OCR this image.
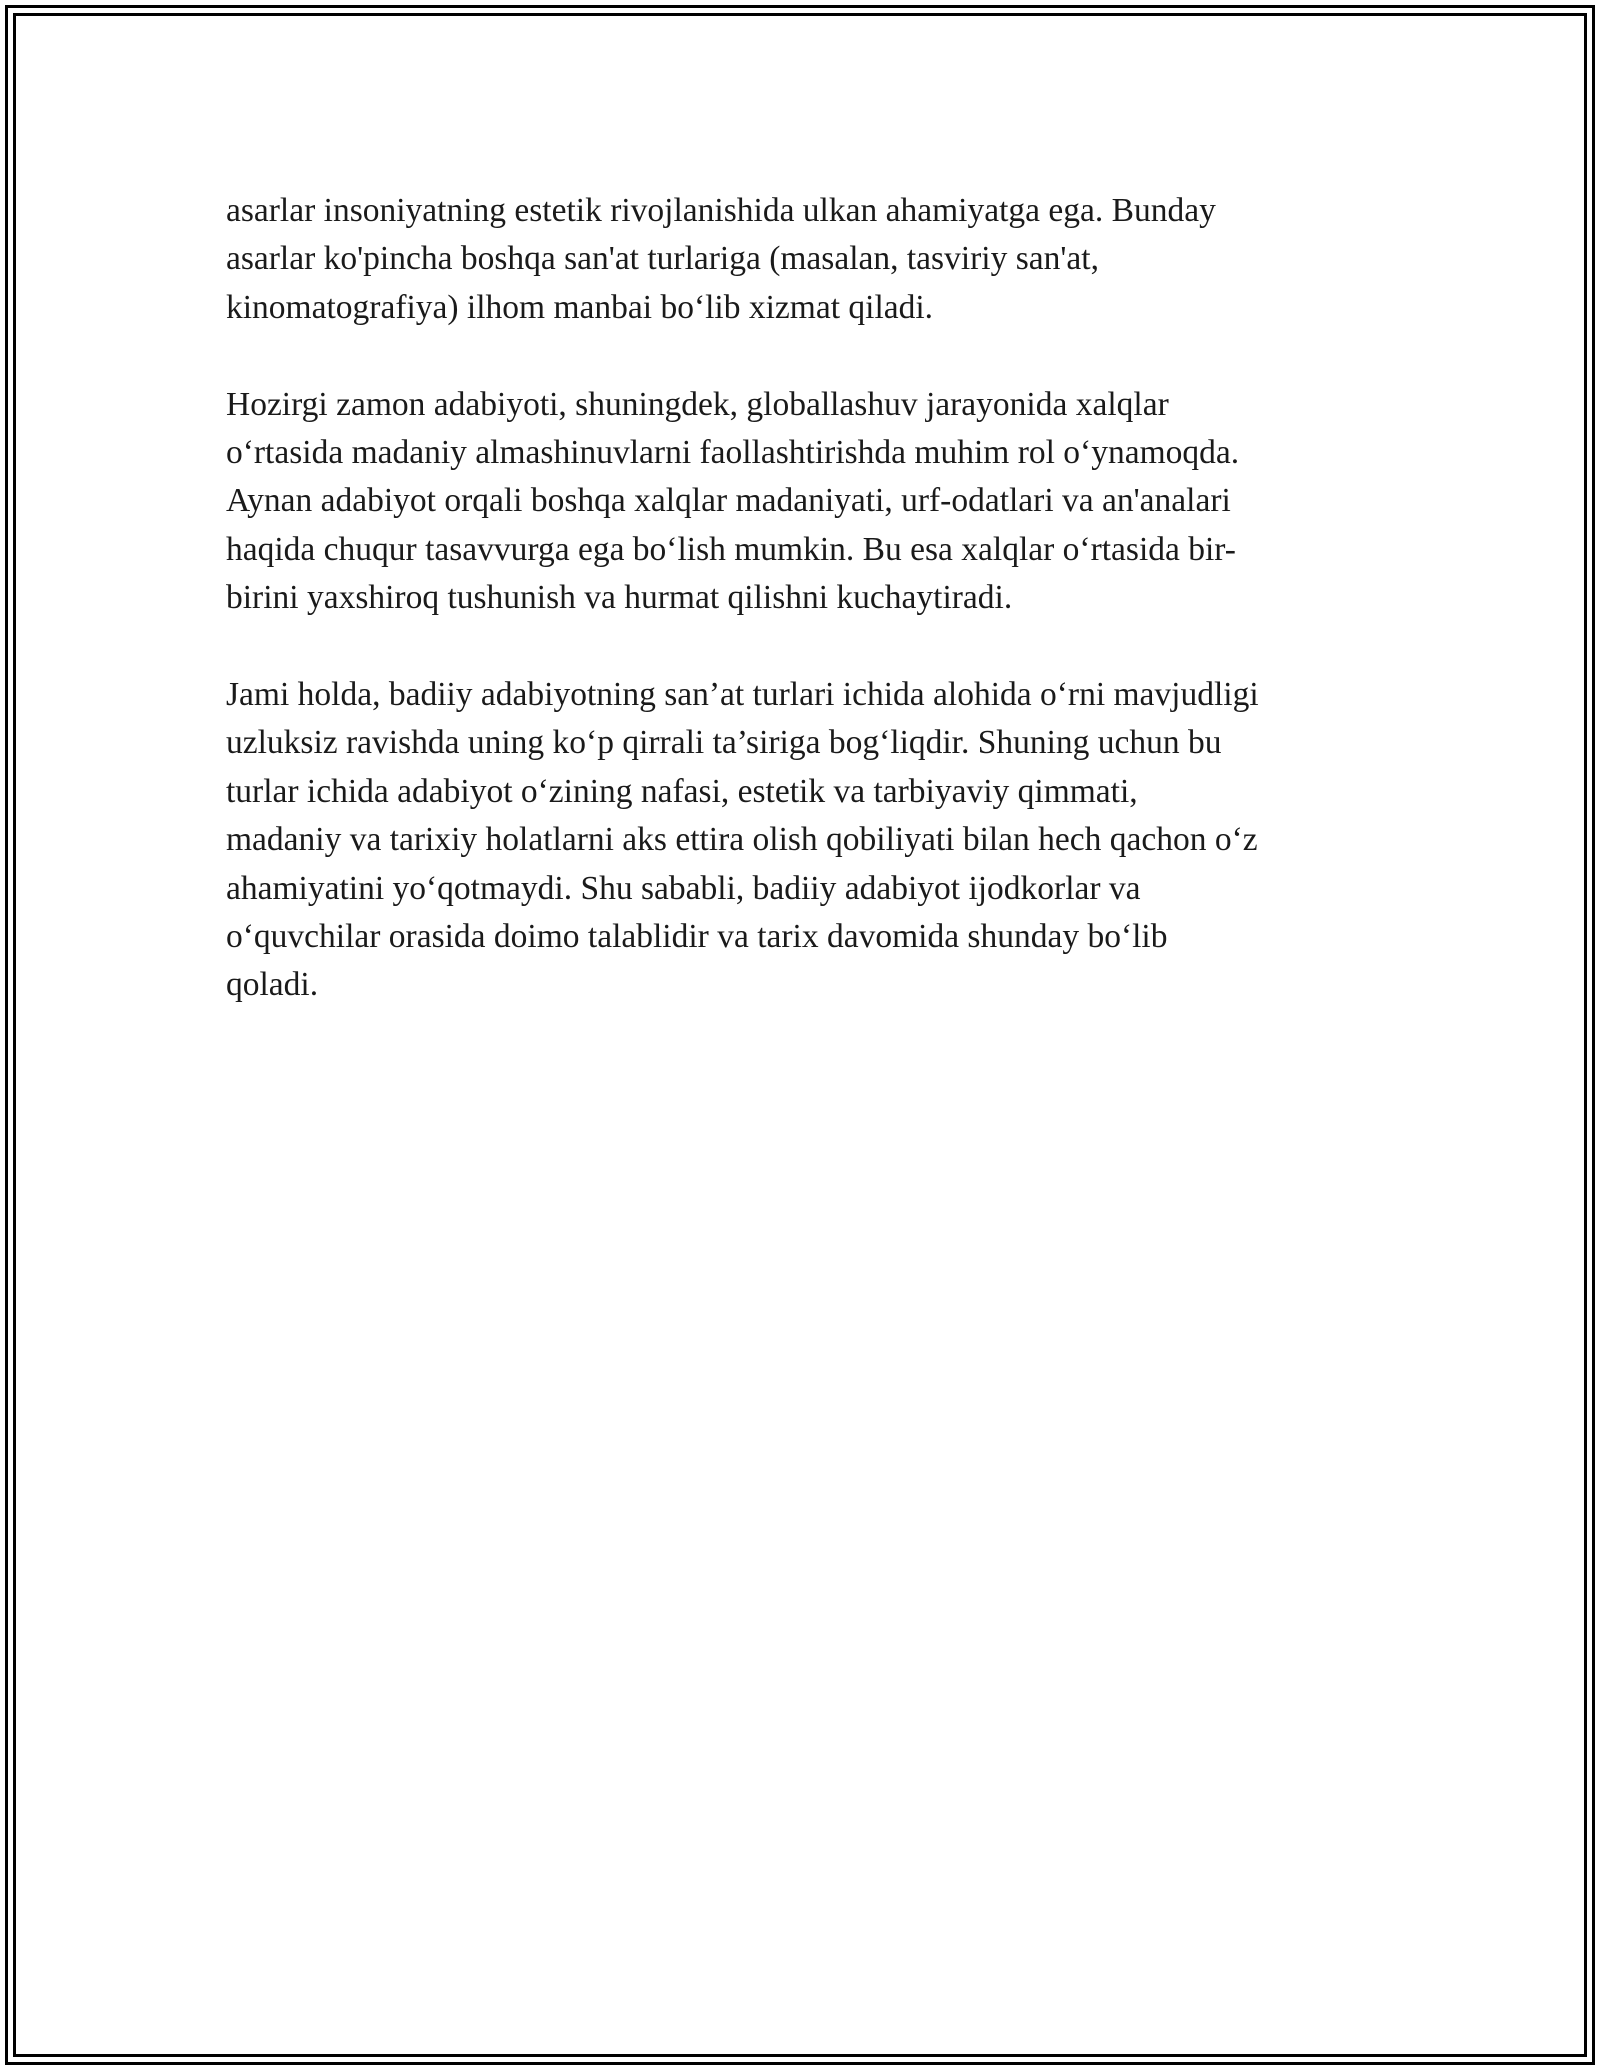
asarlar insoniyatning estetik rivojlanishida ulkan ahamiyatga ega. Bunday
asarlar ko'pincha boshqa san'at turlariga (masalan, tasviriy san'at,
kinomatografiya) ilhom manbai bo‘lib xizmat qiladi.

Hozirgi zamon adabiyoti, shuningdek, globallashuv jarayonida xalqlar
o‘rtasida madaniy almashinuvlarni faollashtirishda muhim rol o‘ynamoqda.
Aynan adabiyot orqali boshqa xalqlar madaniyati, urf-odatlari va an'analari
haqida chuqur tasavvurga ega bo‘lish mumkin. Bu esa xalqlar o‘rtasida bir-
birini yaxshiroq tushunish va hurmat qilishni kuchaytiradi.

Jami holda, badiiy adabiyotning san’at turlari ichida alohida o‘rni mavjudligi
uzluksiz ravishda uning ko‘p qirrali ta’siriga bog‘liqdir. Shuning uchun bu
turlar ichida adabiyot o‘zining nafasi, estetik va tarbiyaviy qimmati,
madaniy va tarixiy holatlarni aks ettira olish qobiliyati bilan hech qachon o‘z
ahamiyatini yo‘qotmaydi. Shu sababli, badiiy adabiyot ijodkorlar va
o‘quvchilar orasida doimo talablidir va tarix davomida shunday bo‘lib
qoladi.
